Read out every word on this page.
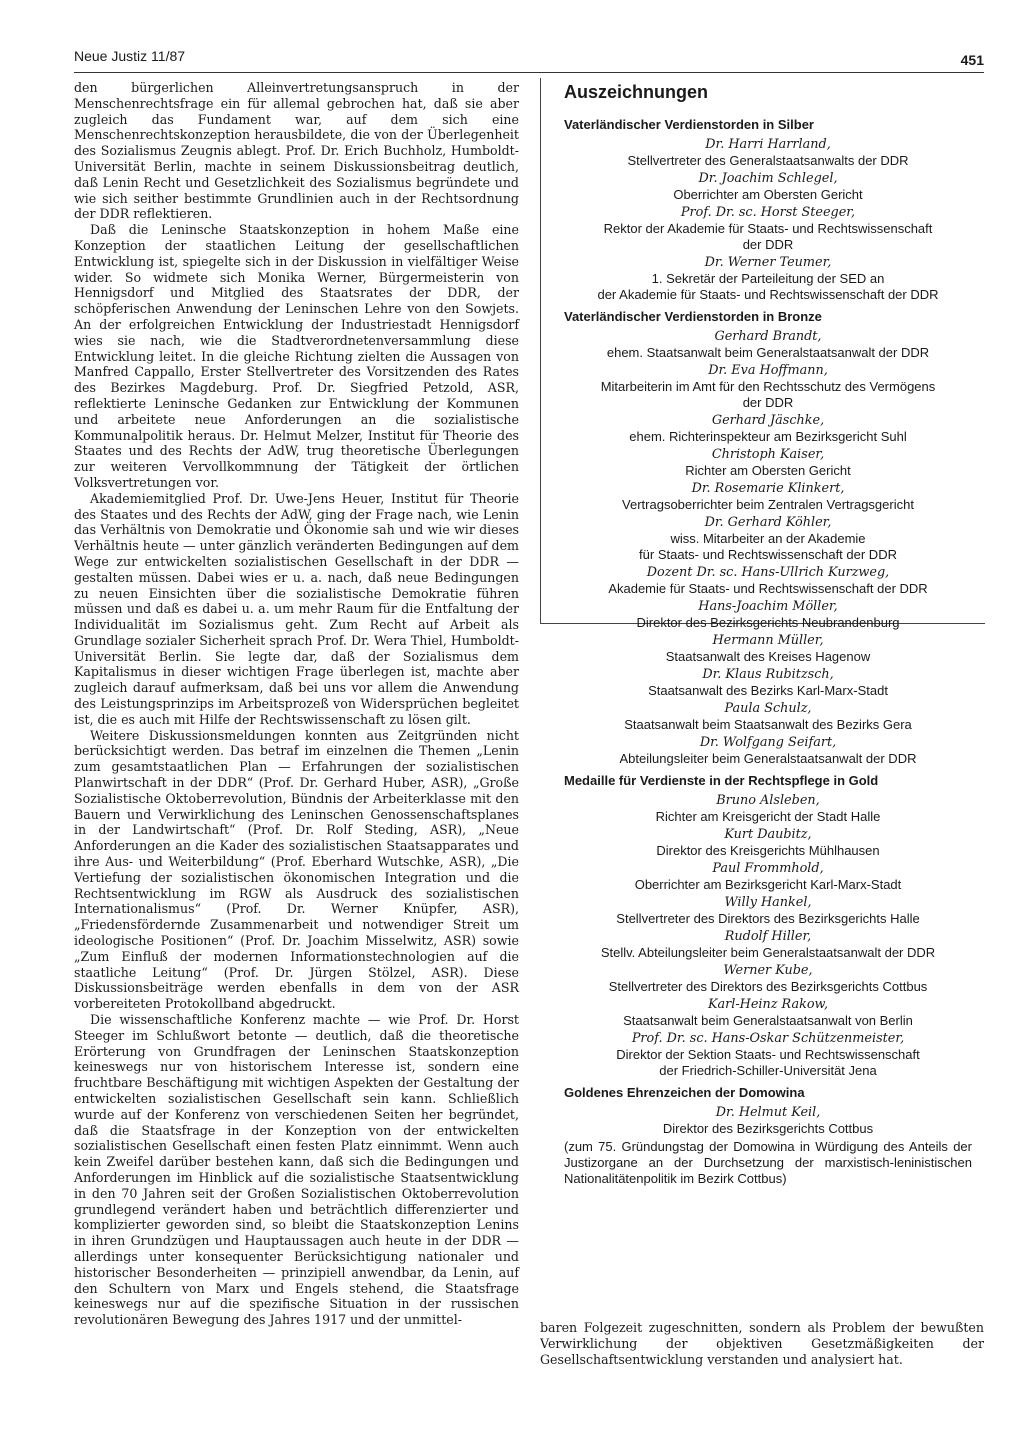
Neue Justiz 11/87	451

den bürgerlichen Alleinvertretungsanspruch in der Menschenrechtsfrage ein für allemal gebrochen hat, daß sie aber zugleich das Fundament war, auf dem sich eine Menschenrechtskonzeption herausbildete, die von der Überlegenheit des Sozialismus Zeugnis ablegt. Prof. Dr. Erich Buchholz, Humboldt-Universität Berlin, machte in seinem Diskussionsbeitrag deutlich, daß Lenin Recht und Gesetzlichkeit des Sozialismus begründete und wie sich seither bestimmte Grundlinien auch in der Rechtsordnung der DDR reflektieren.

Daß die Leninsche Staatskonzeption in hohem Maße eine Konzeption der staatlichen Leitung der gesellschaftlichen Entwicklung ist, spiegelte sich in der Diskussion in vielfältiger Weise wider. So widmete sich Monika Werner, Bürgermeisterin von Hennigsdorf und Mitglied des Staatsrates der DDR, der schöpferischen Anwendung der Leninschen Lehre von den Sowjets. An der erfolgreichen Entwicklung der Industriestadt Hennigsdorf wies sie nach, wie die Stadtverordnetenversammlung diese Entwicklung leitet. In die gleiche Richtung zielten die Aussagen von Manfred Cappallo, Erster Stellvertreter des Vorsitzenden des Rates des Bezirkes Magdeburg. Prof. Dr. Siegfried Petzold, ASR, reflektierte Leninsche Gedanken zur Entwicklung der Kommunen und arbeitete neue Anforderungen an die sozialistische Kommunalpolitik heraus. Dr. Helmut Melzer, Institut für Theorie des Staates und des Rechts der AdW, trug theoretische Überlegungen zur weiteren Vervollkommnung der Tätigkeit der örtlichen Volksvertretungen vor.

Akademiemitglied Prof. Dr. Uwe-Jens Heuer, Institut für Theorie des Staates und des Rechts der AdW, ging der Frage nach, wie Lenin das Verhältnis von Demokratie und Ökonomie sah und wie wir dieses Verhältnis heute — unter gänzlich veränderten Bedingungen auf dem Wege zur entwickelten sozialistischen Gesellschaft in der DDR — gestalten müssen. Dabei wies er u. a. nach, daß neue Bedingungen zu neuen Einsichten über die sozialistische Demokratie führen müssen und daß es dabei u. a. um mehr Raum für die Entfaltung der Individualität im Sozialismus geht. Zum Recht auf Arbeit als Grundlage sozialer Sicherheit sprach Prof. Dr. Wera Thiel, Humboldt-Universität Berlin. Sie legte dar, daß der Sozialismus dem Kapitalismus in dieser wichtigen Frage überlegen ist, machte aber zugleich darauf aufmerksam, daß bei uns vor allem die Anwendung des Leistungsprinzips im Arbeitsprozeß von Widersprüchen begleitet ist, die es auch mit Hilfe der Rechtswissenschaft zu lösen gilt.

Weitere Diskussionsmeldungen konnten aus Zeitgründen nicht berücksichtigt werden. Das betraf im einzelnen die Themen „Lenin zum gesamtstaatlichen Plan — Erfahrungen der sozialistischen Planwirtschaft in der DDR“ (Prof. Dr. Gerhard Huber, ASR), „Große Sozialistische Oktoberrevolution, Bündnis der Arbeiterklasse mit den Bauern und Verwirklichung des Leninschen Genossenschaftsplanes in der Landwirtschaft“ (Prof. Dr. Rolf Steding, ASR), „Neue Anforderungen an die Kader des sozialistischen Staatsapparates und ihre Aus- und Weiterbildung“ (Prof. Eberhard Wutschke, ASR), „Die Vertiefung der sozialistischen ökonomischen Integration und die Rechtsentwicklung im RGW als Ausdruck des sozialistischen Internationalismus“ (Prof. Dr. Werner Knüpfer, ASR), „Friedensfördernde Zusammenarbeit und notwendiger Streit um ideologische Positionen“ (Prof. Dr. Joachim Misselwitz, ASR) sowie „Zum Einfluß der modernen Informationstechnologien auf die staatliche Leitung“ (Prof. Dr. Jürgen Stölzel, ASR). Diese Diskussionsbeiträge werden ebenfalls in dem von der ASR vorbereiteten Protokollband abgedruckt.

Die wissenschaftliche Konferenz machte — wie Prof. Dr. Horst Steeger im Schlußwort betonte — deutlich, daß die theoretische Erörterung von Grundfragen der Leninschen Staatskonzeption keineswegs nur von historischem Interesse ist, sondern eine fruchtbare Beschäftigung mit wichtigen Aspekten der Gestaltung der entwickelten sozialistischen Gesellschaft sein kann. Schließlich wurde auf der Konferenz von verschiedenen Seiten her begründet, daß die Staatsfrage in der Konzeption von der entwickelten sozialistischen Gesellschaft einen festen Platz einnimmt. Wenn auch kein Zweifel darüber bestehen kann, daß sich die Bedingungen und Anforderungen im Hinblick auf die sozialistische Staatsentwicklung in den 70 Jahren seit der Großen Sozialistischen Oktoberrevolution grundlegend verändert haben und beträchtlich differenzierter und komplizierter geworden sind, so bleibt die Staatskonzeption Lenins in ihren Grundzügen und Hauptaussagen auch heute in der DDR — allerdings unter konsequenter Berücksichtigung nationaler und historischer Besonderheiten — prinzipiell anwendbar, da Lenin, auf den Schultern von Marx und Engels stehend, die Staatsfrage keineswegs nur auf die spezifische Situation in der russischen revolutionären Bewegung des Jahres 1917 und der unmittel-

Auszeichnungen
Vaterländischer Verdienstorden in Silber
Dr. Harri Harrland,
Stellvertreter des Generalstaatsanwalts der DDR
Dr. Joachim Schlegel,
Oberrichter am Obersten Gericht
Prof. Dr. sc. Horst Steeger,
Rektor der Akademie für Staats- und Rechtswissenschaft
der DDR
Dr. Werner Teumer,
1. Sekretär der Parteileitung der SED an
der Akademie für Staats- und Rechtswissenschaft der DDR
Vaterländischer Verdienstorden in Bronze
Gerhard Brandt,
ehem. Staatsanwalt beim Generalstaatsanwalt der DDR
Dr. Eva Hoffmann,
Mitarbeiterin im Amt für den Rechtsschutz des Vermögens
der DDR
Gerhard Jäschke,
ehem. Richterinspekteur am Bezirksgericht Suhl
Christoph Kaiser,
Richter am Obersten Gericht
Dr. Rosemarie Klinkert,
Vertragsoberrichter beim Zentralen Vertragsgericht
Dr. Gerhard Köhler,
wiss. Mitarbeiter an der Akademie
für Staats- und Rechtswissenschaft der DDR
Dozent Dr. sc. Hans-Ullrich Kurzweg,
Akademie für Staats- und Rechtswissenschaft der DDR
Hans-Joachim Möller,
Direktor des Bezirksgerichts Neubrandenburg
Hermann Müller,
Staatsanwalt des Kreises Hagenow
Dr. Klaus Rubitzsch,
Staatsanwalt des Bezirks Karl-Marx-Stadt
Paula Schulz,
Staatsanwalt beim Staatsanwalt des Bezirks Gera
Dr. Wolfgang Seifart,
Abteilungsleiter beim Generalstaatsanwalt der DDR
Medaille für Verdienste in der Rechtspflege in Gold
Bruno Alsleben,
Richter am Kreisgericht der Stadt Halle
Kurt Daubitz,
Direktor des Kreisgerichts Mühlhausen
Paul Frommhold,
Oberrichter am Bezirksgericht Karl-Marx-Stadt
Willy Hankel,
Stellvertreter des Direktors des Bezirksgerichts Halle
Rudolf Hiller,
Stellv. Abteilungsleiter beim Generalstaatsanwalt der DDR
Werner Kube,
Stellvertreter des Direktors des Bezirksgerichts Cottbus
Karl-Heinz Rakow,
Staatsanwalt beim Generalstaatsanwalt von Berlin
Prof. Dr. sc. Hans-Oskar Schützenmeister,
Direktor der Sektion Staats- und Rechtswissenschaft
der Friedrich-Schiller-Universität Jena
Goldenes Ehrenzeichen der Domowina
Dr. Helmut Keil,
Direktor des Bezirksgerichts Cottbus
(zum 75. Gründungstag der Domowina in Würdigung des Anteils der Justizorgane an der Durchsetzung der marxistisch-leninistischen Nationalitätenpolitik im Bezirk Cottbus)

baren Folgezeit zugeschnitten, sondern als Problem der bewußten Verwirklichung der objektiven Gesetzmäßigkeiten der Gesellschaftsentwicklung verstanden und analysiert hat.
